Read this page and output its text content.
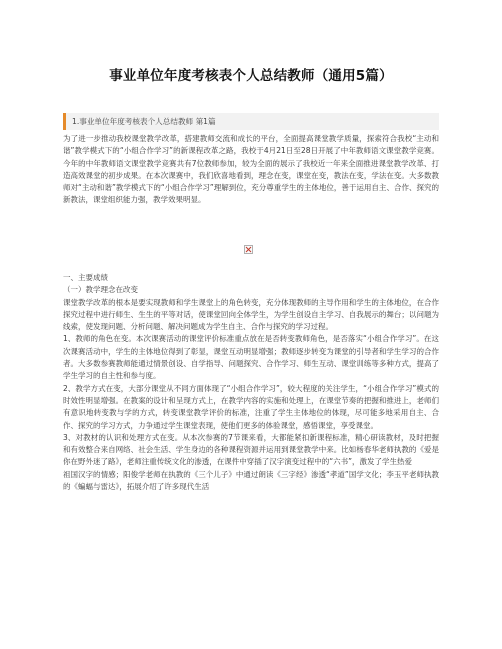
事业单位年度考核表个人总结教师（通用5篇）
1.事业单位年度考核表个人总结教师 第1篇

为了进一步推动我校课堂教学改革，搭建教师交流和成长的平台，全面提高课堂教学质量，探索符合我校“主动和谐”教学模式下的“小组合作学习”的新课程改革之路，我校于4月21日至28日开展了中年教师语文课堂教学竞赛。今年的中年教师语文课堂教学竞赛共有7位教师参加，较为全面的展示了我校近一年来全面推进课堂教学改革、打造高效课堂的初步成果。在本次课赛中，我们欣喜地看到，理念在变，课堂在变，教法在变，学法在变。大多数教师对“主动和谐”教学模式下的“小组合作学习”理解到位，充分尊重学生的主体地位，善于运用自主、合作、探究的新教法，课堂组织能力强，教学效果明显。

一、主要成绩

（一）教学理念在改变

课堂教学改革的根本是要实现教师和学生课堂上的角色转变，充分体现教师的主导作用和学生的主体地位，在合作探究过程中进行师生、生生的平等对话，使课堂回向全体学生，为学生创设自主学习、自我展示的舞台；以问题为线索，使发现问题、分析问题、解决问题成为学生自主、合作与探究的学习过程。

1、教师的角色在变。本次课赛活动的课堂评价标准重点放在是否转变教师角色，是否落实“小组合作学习”。在这次课赛活动中，学生的主体地位得到了彰显，课堂互动明显增强；教师逐步转变为课堂的引导者和学生学习的合作者。大多数参赛教师能通过情景创设、自学指导、问题探究、合作学习、师生互动、课堂训练等多种方式，提高了学生学习的自主性和参与度。

2、教学方式在变，大部分课堂从不同方面体现了“小组合作学习”，较大程度的关注学生，“小组合作学习”模式的时效性明显增强。在教案的设计和呈现方式上，在教学内容的实施和处理上，在课堂节奏的把握和推进上，老师们有意识地转变教与学的方式，转变课堂教学评价的标准，注重了学生主体地位的体现，尽可能多地采用自主、合作、探究的学习方式，力争通过学生课堂表现，使他们更多的体验课堂，感悟课堂，享受课堂。

3、对教材的认识和处理方式在变。从本次参赛的7节课来看，大都能紧扣新课程标准，精心研读教材，及时把握和有效整合来自网络、社会生活、学生身边的各种课程资源并运用到课堂教学中来。比如杨春华老师执教的《爱是你在野外迷了路》，老师注重传统文化的渗透，在课件中穿插了汉字演变过程中的“六书”，激发了学生热爱

祖国汉字的情感；阳俊学老师在执教的《三个儿子》中通过朗读《三字经》渗透“孝道”国学文化；李玉平老师执教的《蝙蝠与雷达》，拓展介绍了许多现代生活
